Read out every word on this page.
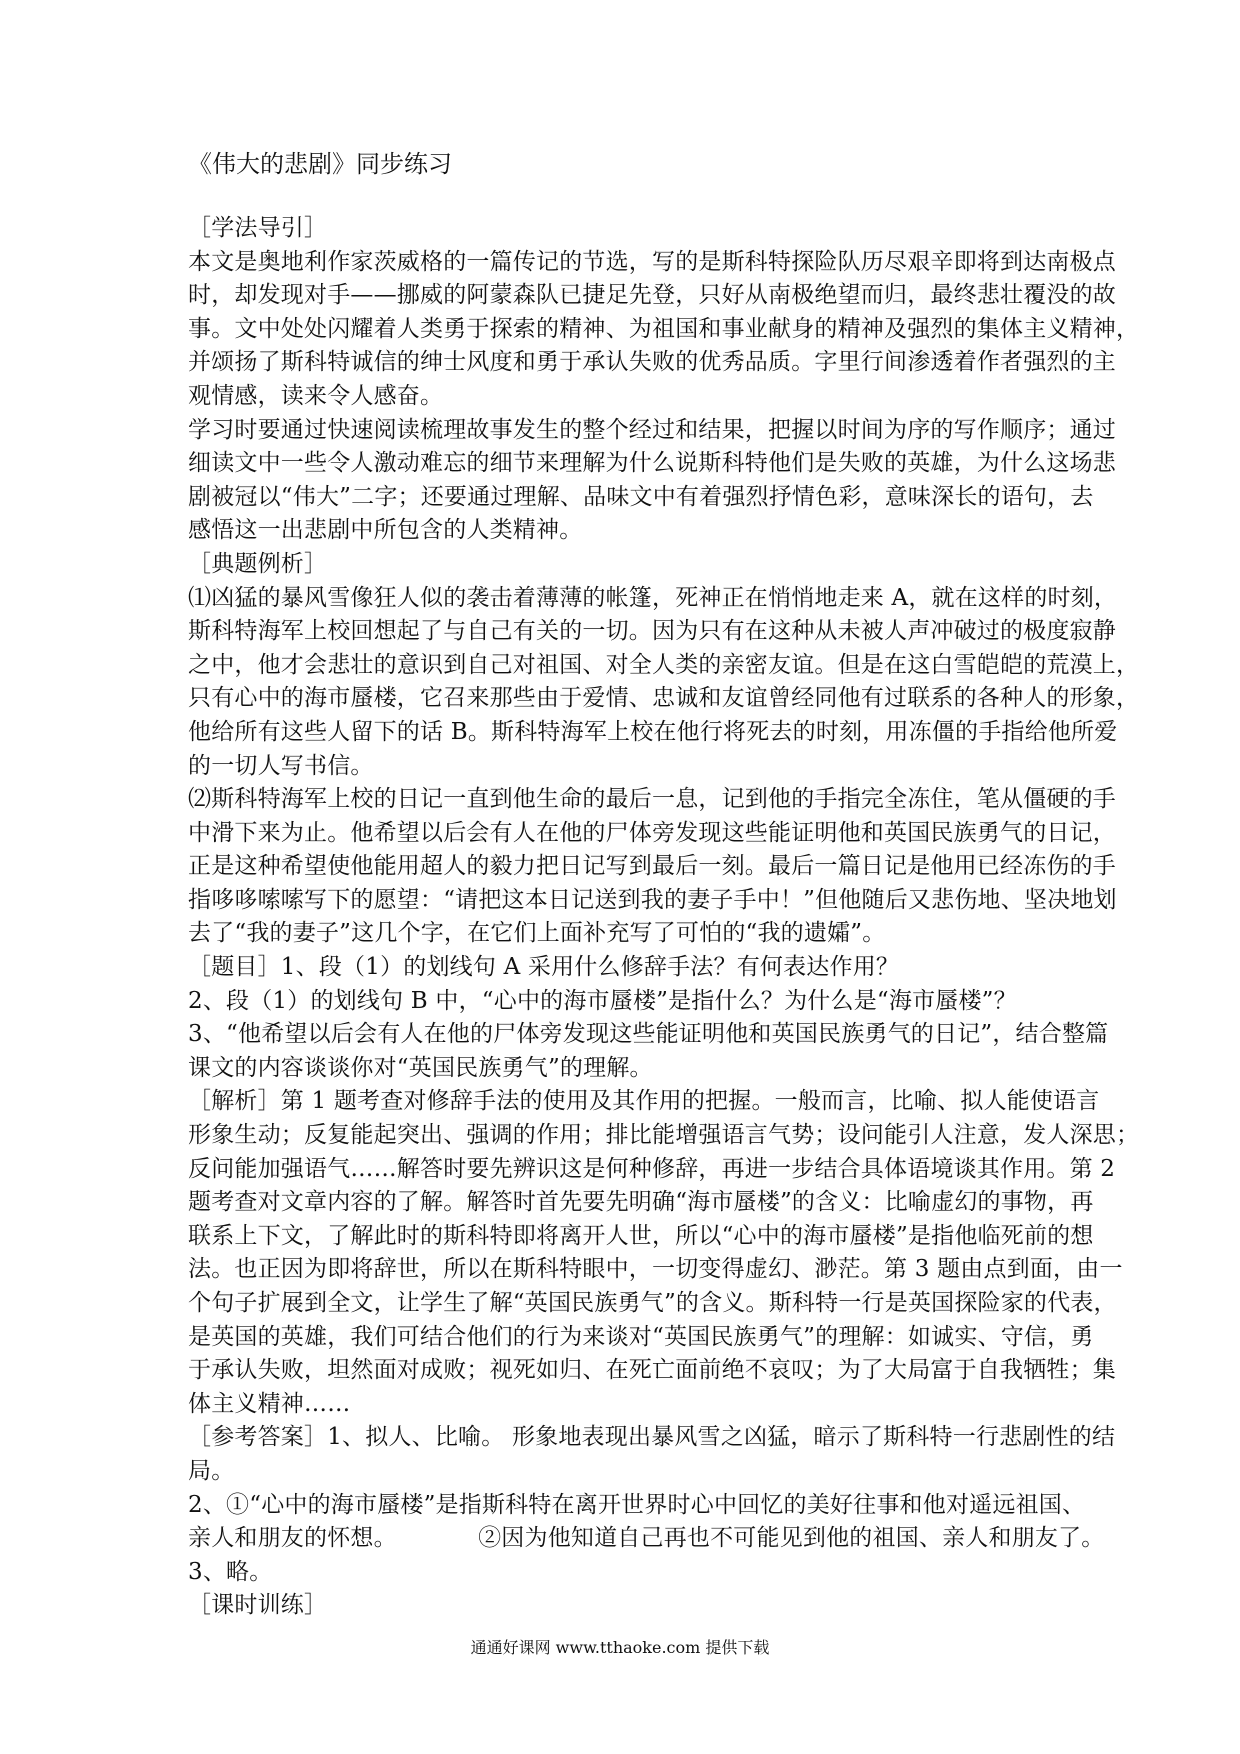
《伟大的悲剧》同步练习

［学法导引］

本文是奥地利作家茨威格的一篇传记的节选，写的是斯科特探险队历尽艰辛即将到达南极点

时，却发现对手——挪威的阿蒙森队已捷足先登，只好从南极绝望而归，最终悲壮覆没的故

事。文中处处闪耀着人类勇于探索的精神、为祖国和事业献身的精神及强烈的集体主义精神，

并颂扬了斯科特诚信的绅士风度和勇于承认失败的优秀品质。字里行间渗透着作者强烈的主

观情感，读来令人感奋。

学习时要通过快速阅读梳理故事发生的整个经过和结果，把握以时间为序的写作顺序；通过

细读文中一些令人激动难忘的细节来理解为什么说斯科特他们是失败的英雄，为什么这场悲

剧被冠以“伟大”二字；还要通过理解、品味文中有着强烈抒情色彩，意味深长的语句，去

感悟这一出悲剧中所包含的人类精神。

［典题例析］

⑴凶猛的暴风雪像狂人似的袭击着薄薄的帐篷，死神正在悄悄地走来 A，就在这样的时刻，

斯科特海军上校回想起了与自己有关的一切。因为只有在这种从未被人声冲破过的极度寂静

之中，他才会悲壮的意识到自己对祖国、对全人类的亲密友谊。但是在这白雪皑皑的荒漠上，

只有心中的海市蜃楼，它召来那些由于爱情、忠诚和友谊曾经同他有过联系的各种人的形象，

他给所有这些人留下的话 B。斯科特海军上校在他行将死去的时刻，用冻僵的手指给他所爱

的一切人写书信。

⑵斯科特海军上校的日记一直到他生命的最后一息，记到他的手指完全冻住，笔从僵硬的手

中滑下来为止。他希望以后会有人在他的尸体旁发现这些能证明他和英国民族勇气的日记，

正是这种希望使他能用超人的毅力把日记写到最后一刻。最后一篇日记是他用已经冻伤的手

指哆哆嗦嗦写下的愿望：“请把这本日记送到我的妻子手中！”但他随后又悲伤地、坚决地划

去了“我的妻子”这几个字，在它们上面补充写了可怕的“我的遗孀”。

［题目］1、段（1）的划线句 A 采用什么修辞手法？有何表达作用？

2、段（1）的划线句 B 中，“心中的海市蜃楼”是指什么？为什么是“海市蜃楼”？

3、“他希望以后会有人在他的尸体旁发现这些能证明他和英国民族勇气的日记”，结合整篇

课文的内容谈谈你对“英国民族勇气”的理解。

［解析］第 1 题考查对修辞手法的使用及其作用的把握。一般而言，比喻、拟人能使语言

形象生动；反复能起突出、强调的作用；排比能增强语言气势；设问能引人注意，发人深思；

反问能加强语气……解答时要先辨识这是何种修辞，再进一步结合具体语境谈其作用。第 2

题考查对文章内容的了解。解答时首先要先明确“海市蜃楼”的含义：比喻虚幻的事物，再

联系上下文，了解此时的斯科特即将离开人世，所以“心中的海市蜃楼”是指他临死前的想

法。也正因为即将辞世，所以在斯科特眼中，一切变得虚幻、渺茫。第 3 题由点到面，由一

个句子扩展到全文，让学生了解“英国民族勇气”的含义。斯科特一行是英国探险家的代表，

是英国的英雄，我们可结合他们的行为来谈对“英国民族勇气”的理解：如诚实、守信，勇

于承认失败，坦然面对成败；视死如归、在死亡面前绝不哀叹；为了大局富于自我牺牲；集

体主义精神……

［参考答案］1、拟人、比喻。 形象地表现出暴风雪之凶猛，暗示了斯科特一行悲剧性的结

局。

2、①“心中的海市蜃楼”是指斯科特在离开世界时心中回忆的美好往事和他对遥远祖国、

亲人和朋友的怀想。　　　　②因为他知道自己再也不可能见到他的祖国、亲人和朋友了。

3、略。

［课时训练］

通通好课网 www.tthaoke.com 提供下载
